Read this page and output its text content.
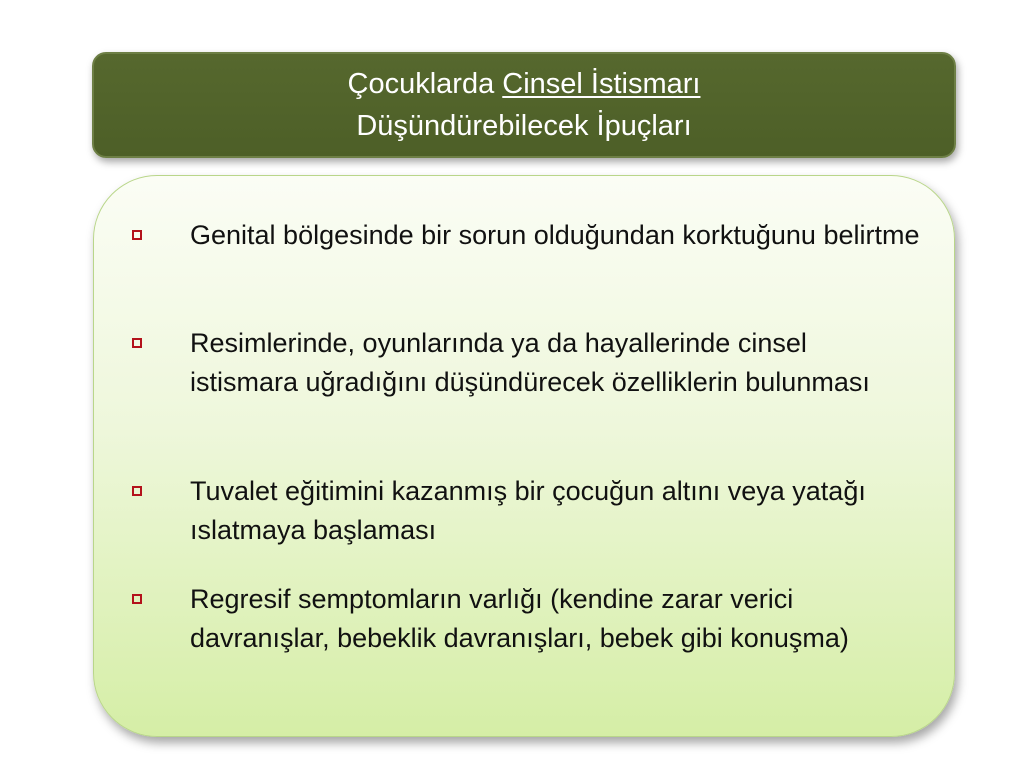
Çocuklarda Cinsel İstismarı
Düşündürebilecek İpuçları
Genital bölgesinde bir sorun olduğundan korktuğunu belirtme
Resimlerinde, oyunlarında ya da hayallerinde cinsel istismara uğradığını düşündürecek özelliklerin bulunması
Tuvalet eğitimini kazanmış bir çocuğun altını veya yatağı ıslatmaya başlaması
Regresif semptomların varlığı (kendine zarar verici davranışlar, bebeklik davranışları, bebek gibi konuşma)
